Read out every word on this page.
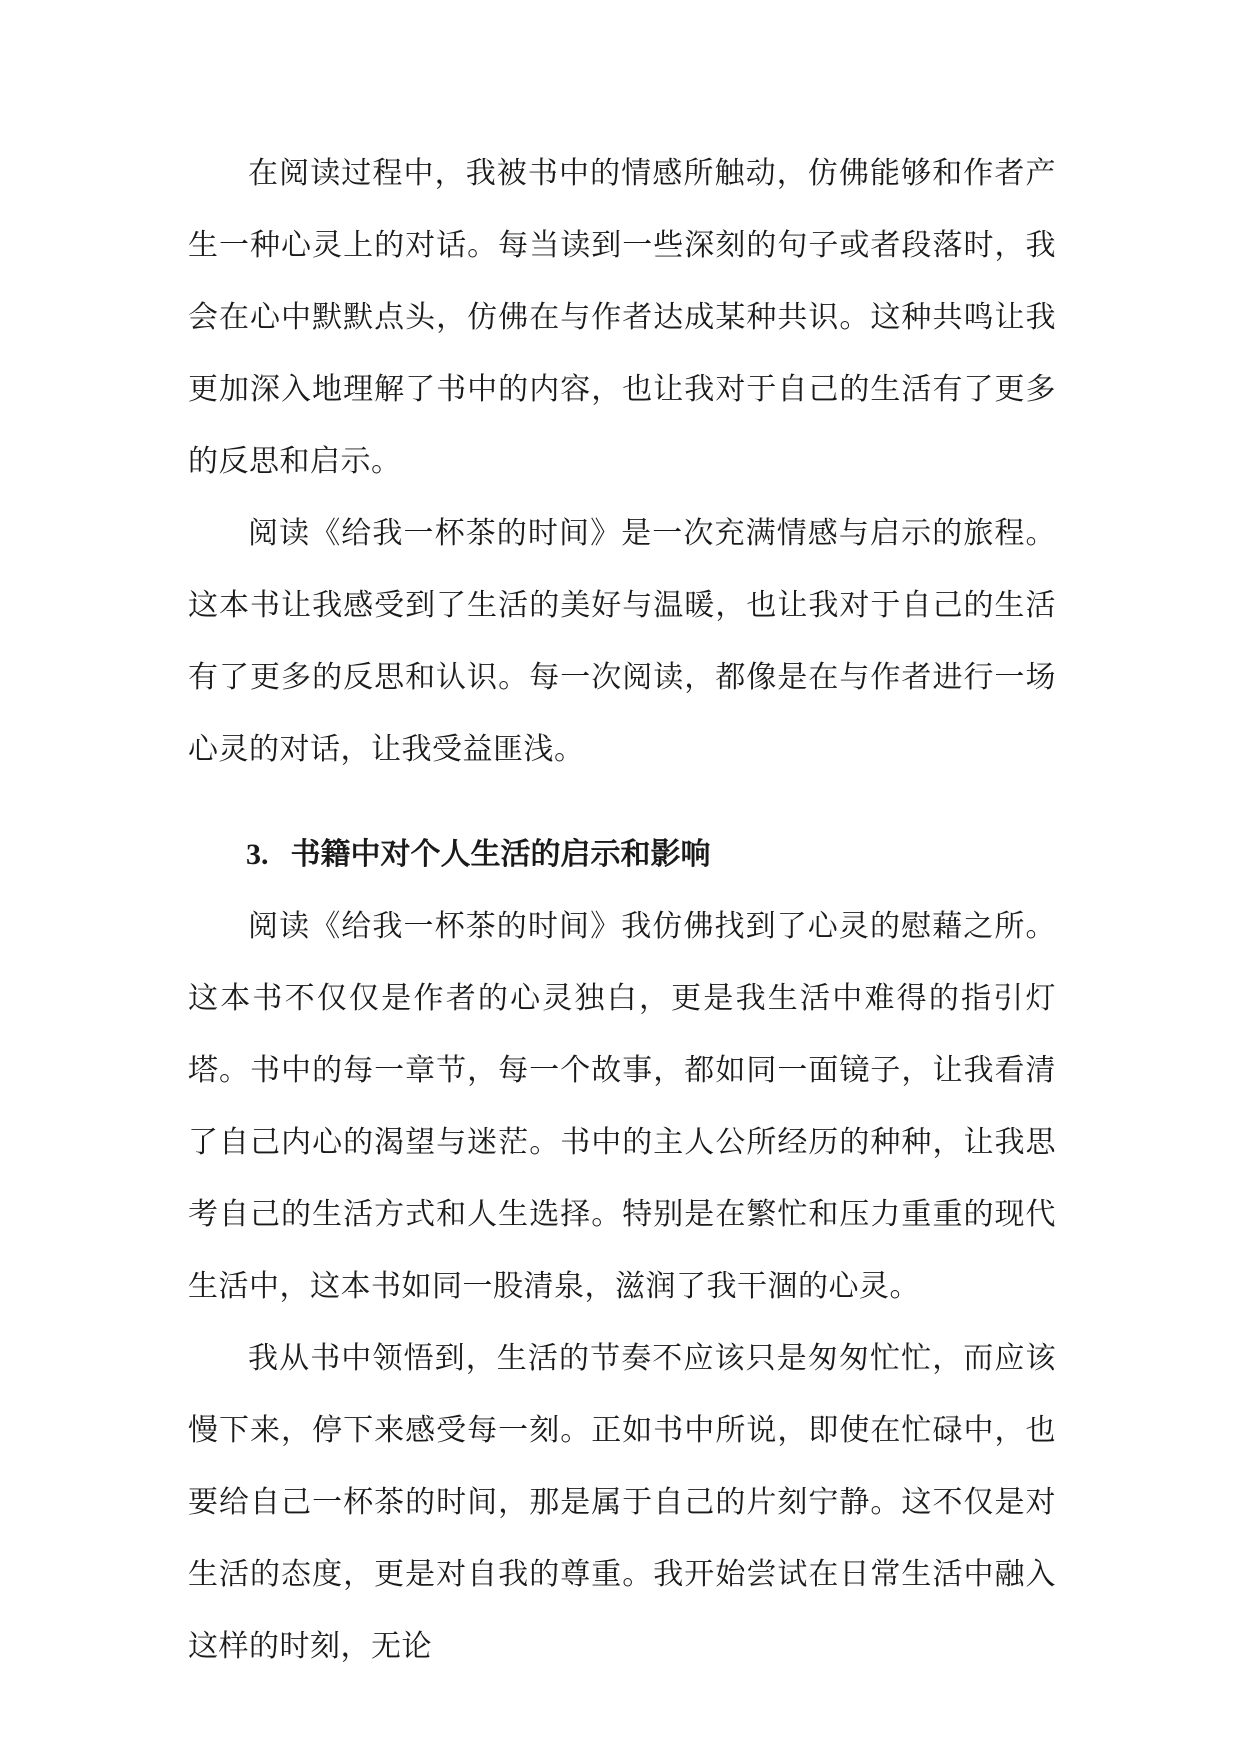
在阅读过程中，我被书中的情感所触动，仿佛能够和作者产生一种心灵上的对话。每当读到一些深刻的句子或者段落时，我会在心中默默点头，仿佛在与作者达成某种共识。这种共鸣让我更加深入地理解了书中的内容，也让我对于自己的生活有了更多的反思和启示。

阅读《给我一杯茶的时间》是一次充满情感与启示的旅程。这本书让我感受到了生活的美好与温暖，也让我对于自己的生活有了更多的反思和认识。每一次阅读，都像是在与作者进行一场心灵的对话，让我受益匪浅。

3. 书籍中对个人生活的启示和影响

阅读《给我一杯茶的时间》我仿佛找到了心灵的慰藉之所。这本书不仅仅是作者的心灵独白，更是我生活中难得的指引灯塔。书中的每一章节，每一个故事，都如同一面镜子，让我看清了自己内心的渴望与迷茫。书中的主人公所经历的种种，让我思考自己的生活方式和人生选择。特别是在繁忙和压力重重的现代生活中，这本书如同一股清泉，滋润了我干涸的心灵。

我从书中领悟到，生活的节奏不应该只是匆匆忙忙，而应该慢下来，停下来感受每一刻。正如书中所说，即使在忙碌中，也要给自己一杯茶的时间，那是属于自己的片刻宁静。这不仅是对生活的态度，更是对自我的尊重。我开始尝试在日常生活中融入这样的时刻，无论
